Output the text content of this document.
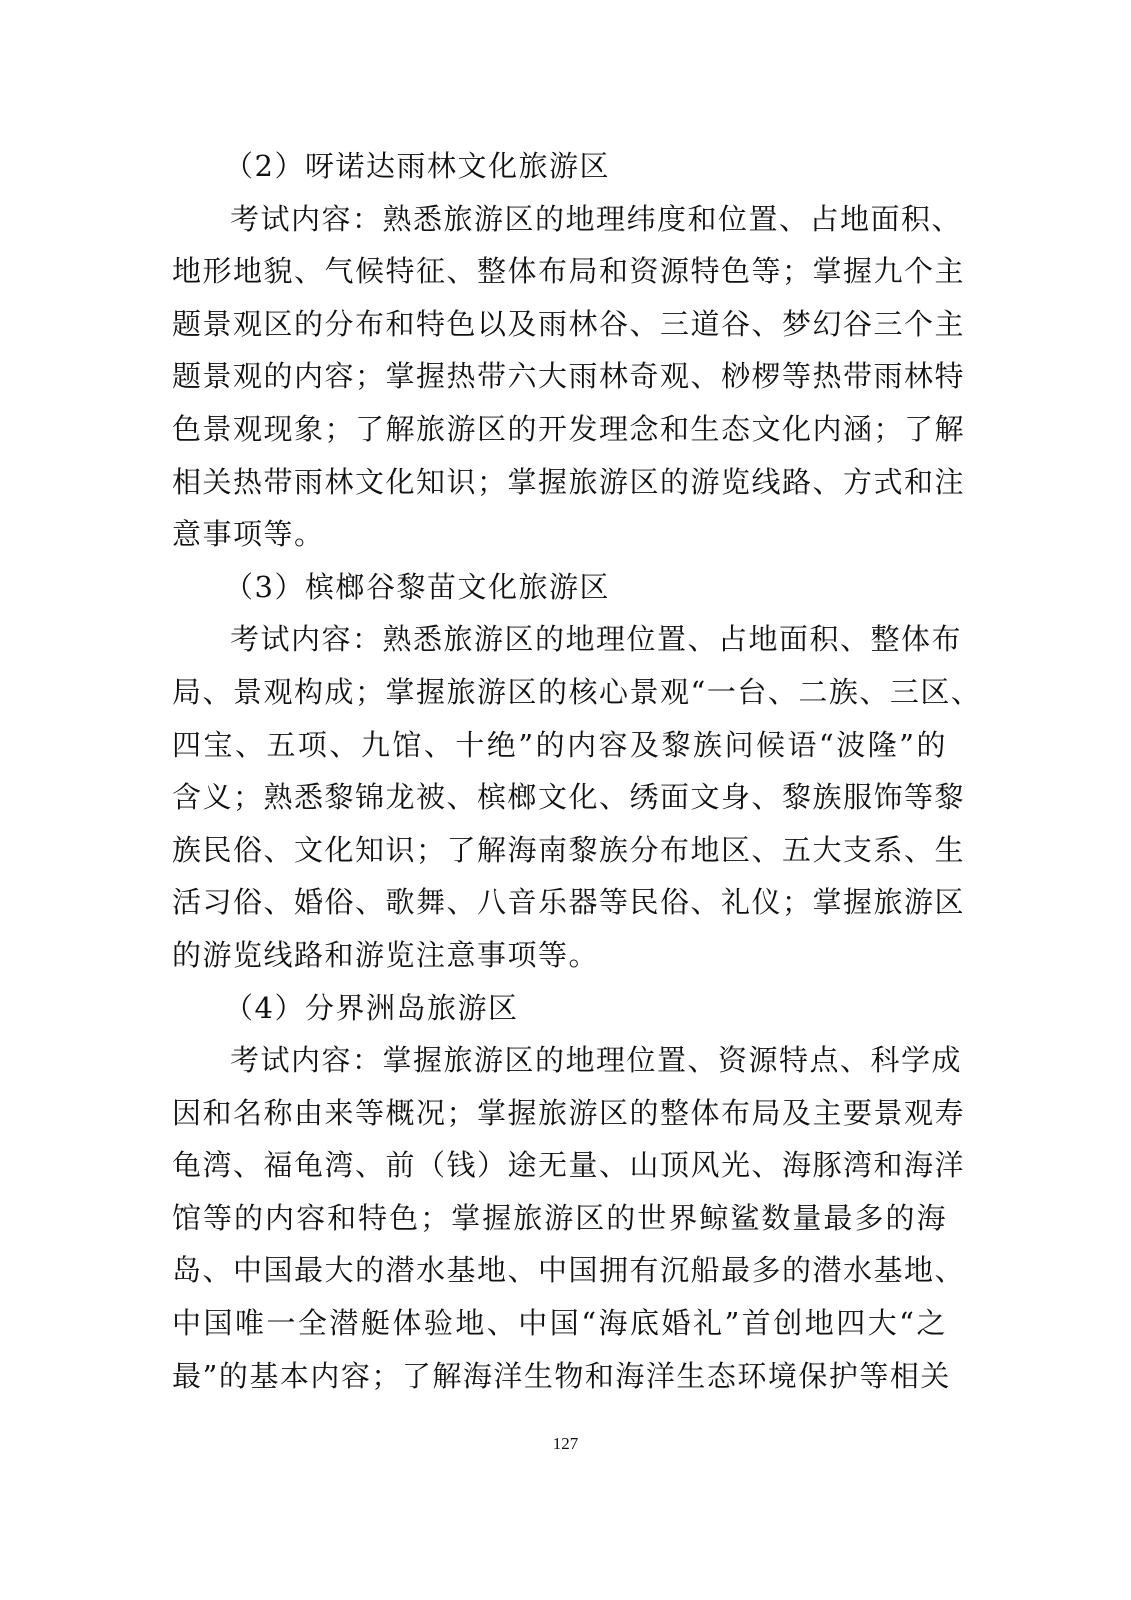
（2）呀诺达雨林文化旅游区
考试内容：熟悉旅游区的地理纬度和位置、占地面积、
地形地貌、气候特征、整体布局和资源特色等；掌握九个主
题景观区的分布和特色以及雨林谷、三道谷、梦幻谷三个主
题景观的内容；掌握热带六大雨林奇观、桫椤等热带雨林特
色景观现象；了解旅游区的开发理念和生态文化内涵；了解
相关热带雨林文化知识；掌握旅游区的游览线路、方式和注
意事项等。
（3）槟榔谷黎苗文化旅游区
考试内容：熟悉旅游区的地理位置、占地面积、整体布
局、景观构成；掌握旅游区的核心景观“一台、二族、三区、
四宝、五项、九馆、十绝”的内容及黎族问候语“波隆”的
含义；熟悉黎锦龙被、槟榔文化、绣面文身、黎族服饰等黎
族民俗、文化知识；了解海南黎族分布地区、五大支系、生
活习俗、婚俗、歌舞、八音乐器等民俗、礼仪；掌握旅游区
的游览线路和游览注意事项等。
（4）分界洲岛旅游区
考试内容：掌握旅游区的地理位置、资源特点、科学成
因和名称由来等概况；掌握旅游区的整体布局及主要景观寿
龟湾、福龟湾、前（钱）途无量、山顶风光、海豚湾和海洋
馆等的内容和特色；掌握旅游区的世界鲸鲨数量最多的海
岛、中国最大的潜水基地、中国拥有沉船最多的潜水基地、
中国唯一全潜艇体验地、中国“海底婚礼”首创地四大“之
最”的基本内容；了解海洋生物和海洋生态环境保护等相关
127
